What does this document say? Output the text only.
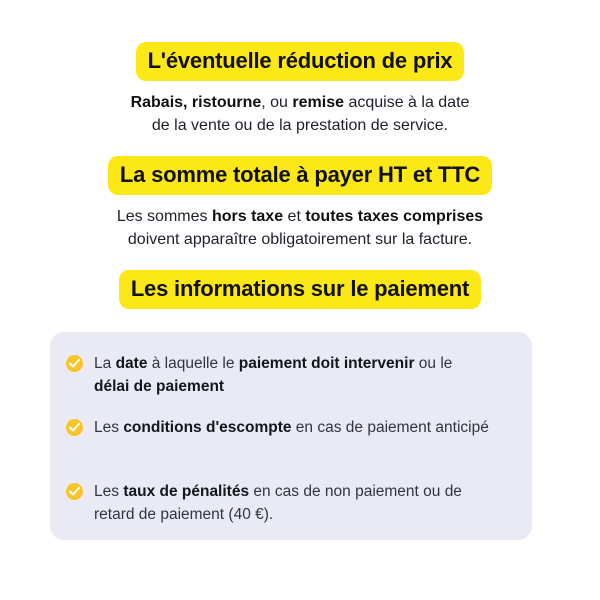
L'éventuelle réduction de prix
Rabais, ristourne, ou remise acquise à la date
de la vente ou de la prestation de service.
La somme totale à payer HT et TTC
Les sommes hors taxe et toutes taxes comprises
doivent apparaître obligatoirement sur la facture.
Les informations sur le paiement
La date à laquelle le paiement doit intervenir ou le
délai de paiement
Les conditions d'escompte en cas de paiement anticipé
Les taux de pénalités en cas de non paiement ou de retard de paiement (40 €).
